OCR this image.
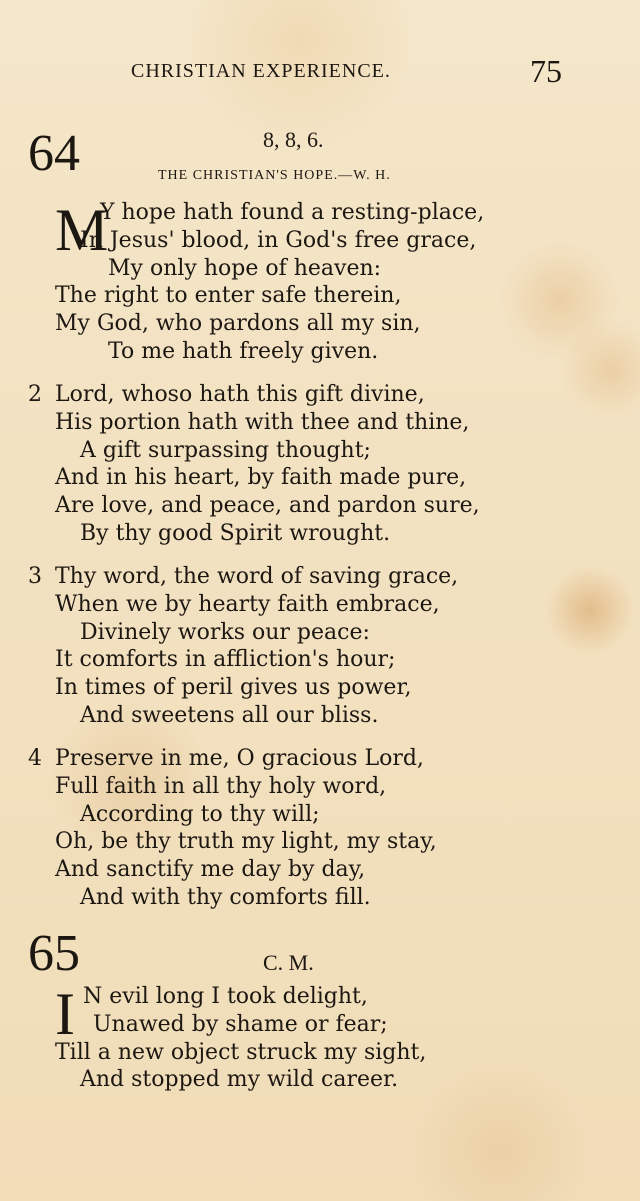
CHRISTIAN EXPERIENCE.	75

64	8, 8, 6.

THE CHRISTIAN'S HOPE.—W. H.

M
Y hope hath found a resting-place,
In Jesus' blood, in God's free grace,
My only hope of heaven:
The right to enter safe therein,
My God, who pardons all my sin,
To me hath freely given.
2 Lord, whoso hath this gift divine,
His portion hath with thee and thine,
A gift surpassing thought;
And in his heart, by faith made pure,
Are love, and peace, and pardon sure,
By thy good Spirit wrought.
3 Thy word, the word of saving grace,
When we by hearty faith embrace,
Divinely works our peace:
It comforts in affliction's hour;
In times of peril gives us power,
And sweetens all our bliss.
4 Preserve in me, O gracious Lord,
Full faith in all thy holy word,
According to thy will;
Oh, be thy truth my light, my stay,
And sanctify me day by day,
And with thy comforts fill.

65	C. M.

I N evil long I took delight,
Unawed by shame or fear;
Till a new object struck my sight,
And stopped my wild career.
